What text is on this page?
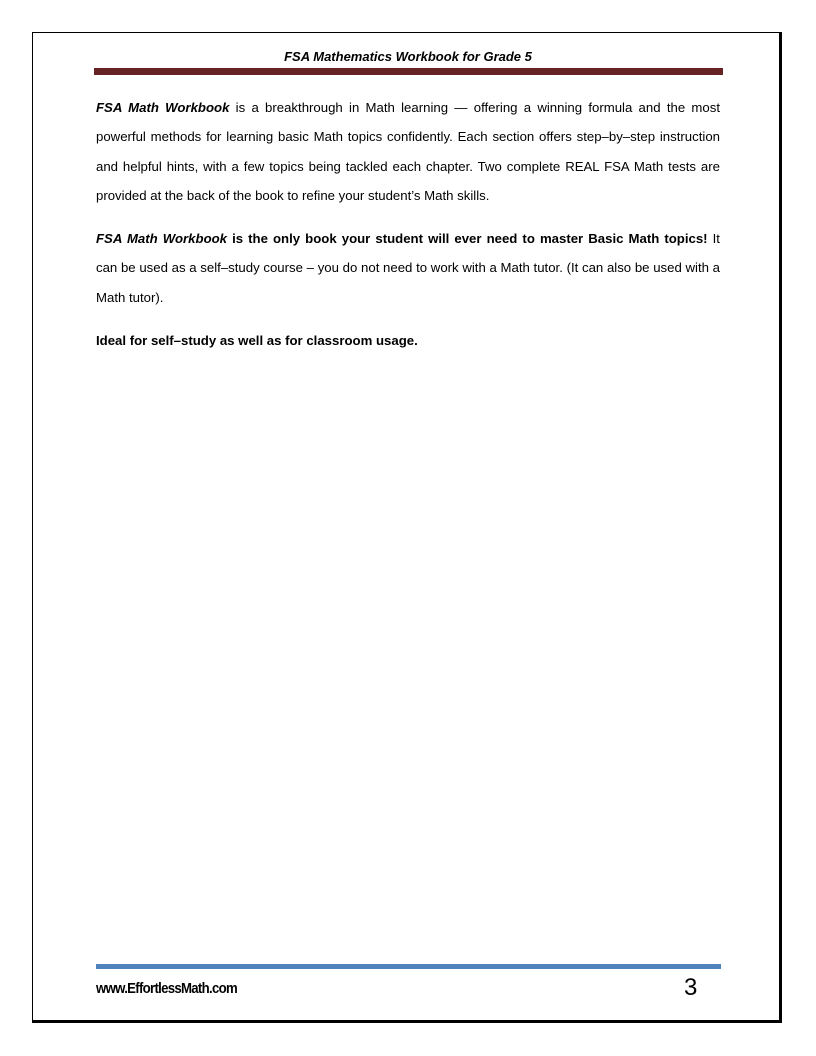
FSA Mathematics Workbook for Grade 5

FSA Math Workbook is a breakthrough in Math learning — offering a winning formula and the most powerful methods for learning basic Math topics confidently. Each section offers step–by–step instruction and helpful hints, with a few topics being tackled each chapter. Two complete REAL FSA Math tests are provided at the back of the book to refine your student’s Math skills.

FSA Math Workbook is the only book your student will ever need to master Basic Math topics! It can be used as a self–study course – you do not need to work with a Math tutor. (It can also be used with a Math tutor).

Ideal for self–study as well as for classroom usage.

www.EffortlessMath.com	3
